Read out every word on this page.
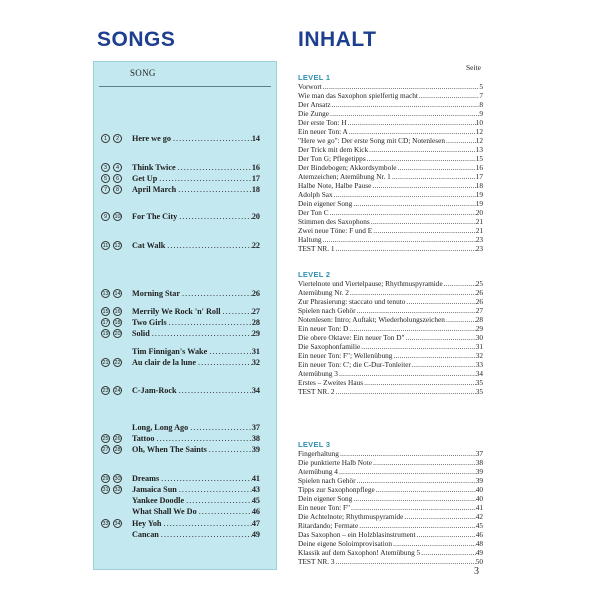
SONGS	INHALT
SONG
1	2	Here we go . . .	14
3	4	Think Twice . . .	16
5	6	Get Up . . .	17
7	8	April March . . .	18
9	10 For The City . . .	20
11 12 Cat Walk . . .	22
13 14 Morning Star . . .	26
15 16 Merrily We Rock 'n' Roll . . .	27
17 18 Two Girls . . .	28
19 20 Solid . . .	29
Tim Finnigan's Wake . . .	31
21 22 Au clair de la lune . . .	32
23 24 C-Jam-Rock . . .	34
Long, Long Ago . . .	37
25 26 Tattoo . . .	38
27 28 Oh, When The Saints . . .	39
29 30 Dreams . . .	41
31 32 Jamaica Sun . . .	43
Yankee Doodle . . .	45
What Shall We Do . . .	46
33 34 Hey Yoh . . .	47
Cancan . . .	49
Seite
LEVEL 1
Vorwort . . .	5
Wie man das Saxophon spielfertig macht . . .	7
Der Ansatz . . .	8
Die Zunge . . .	9
Der erste Ton: H . . .	10
Ein neuer Ton: A . . .	12
"Here we go": Der erste Song mit CD; Notenlesen . . .	12
Der Trick mit dem Kick . . .	13
Der Ton G; Pflegetipps . . .	15
Der Bindebogen; Akkordsymbole . . .	16
Atemzeichen; Atemübung Nr. 1 . . .	17
Halbe Note, Halbe Pause . . .	18
Adolph Sax . . .	19
Dein eigener Song . . .	19
Der Ton C . . .	20
Stimmen des Saxophons . . .	21
Zwei neue Töne: F und E . . .	21
Haltung . . .	23
TEST NR. 1 . . .	23
LEVEL 2
Viertelnote und Viertelpause; Rhythmuspyramide . . .	25
Atemübung Nr. 2 . . .	26
Zur Phrasierung: staccato und tenuto . . .	26
Spielen nach Gehör . . .	27
Notenlesen: Intro; Auftakt; Wiederholungszeichen . . .	28
Ein neuer Ton: D . . .	29
Die obere Oktave: Ein neuer Ton D" . . .	30
Die Saxophonfamilie . . .	31
Ein neuer Ton: F"; Wellenübung . . .	32
Ein neuer Ton: C'; die C-Dur-Tonleiter . . .	33
Atemübung 3 . . .	34
Erstes – Zweites Haus . . .	35
TEST NR. 2 . . .	35
LEVEL 3
Fingerhaltung . . .	37
Die punktierte Halb Note . . .	38
Atemübung 4 . . .	39
Spielen nach Gehör . . .	39
Tipps zur Saxophonpflege . . .	40
Dein eigener Song . . .	40
Ein neuer Ton: F" . . .	41
Die Achtelnote; Rhythmuspyramide . . .	42
Ritardando; Fermate . . .	45
Das Saxophon – ein Holzblasinstrument . . .	46
Deine eigene Soloimprovisation . . .	48
Klassik auf dem Saxophon! Atemübung 5 . . .	49
TEST NR. 3 . . .	50
3
